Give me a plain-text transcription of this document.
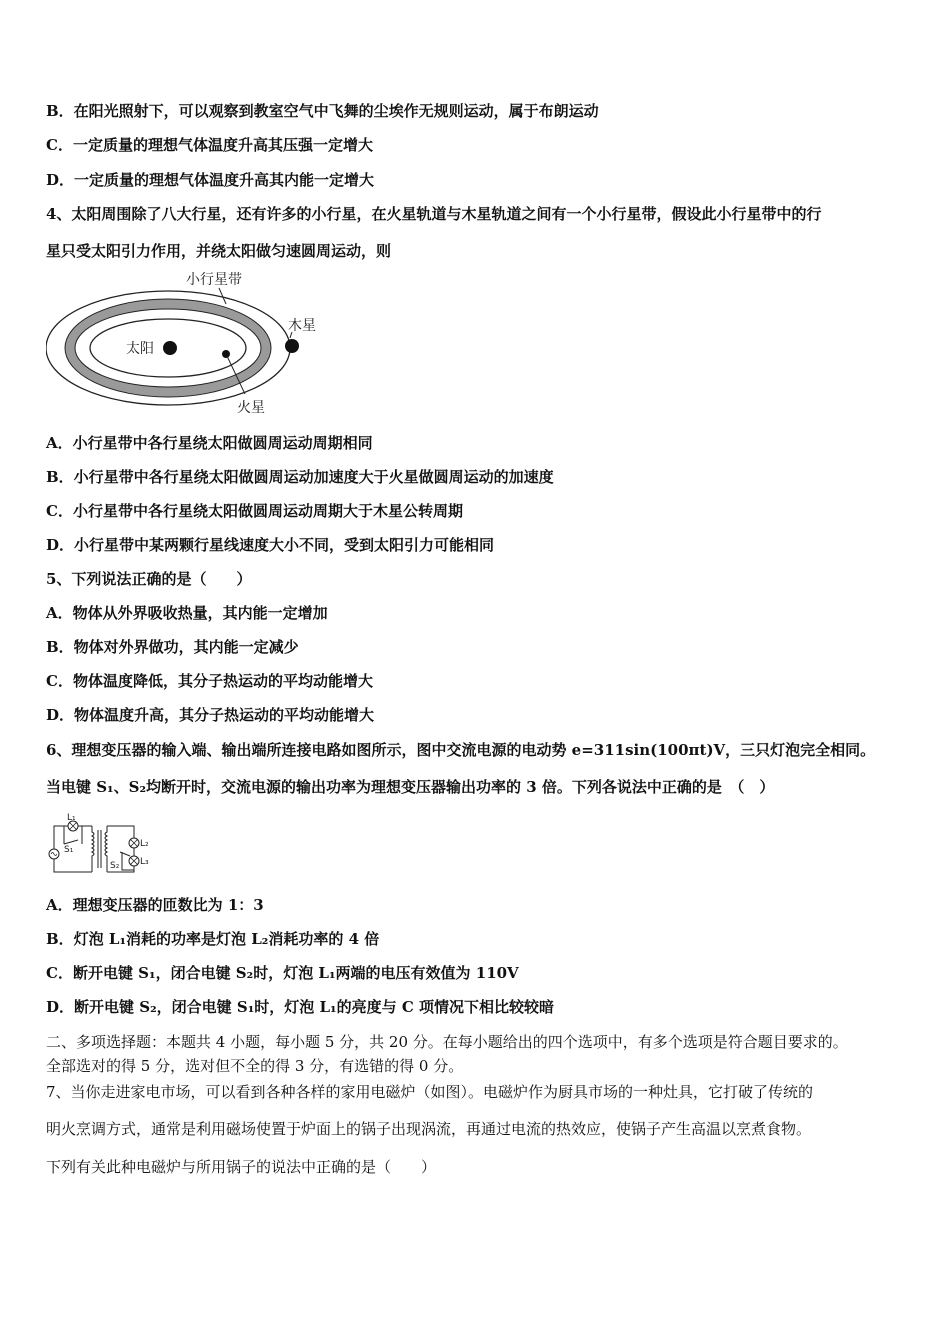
B．在阳光照射下，可以观察到教室空气中飞舞的尘埃作无规则运动，属于布朗运动
C．一定质量的理想气体温度升高其压强一定增大
D．一定质量的理想气体温度升高其内能一定增大
4、太阳周围除了八大行星，还有许多的小行星，在火星轨道与木星轨道之间有一个小行星带，假设此小行星带中的行
星只受太阳引力作用，并绕太阳做匀速圆周运动，则
小行星带
木星
太阳
火星
A．小行星带中各行星绕太阳做圆周运动周期相同
B．小行星带中各行星绕太阳做圆周运动加速度大于火星做圆周运动的加速度
C．小行星带中各行星绕太阳做圆周运动周期大于木星公转周期
D．小行星带中某两颗行星线速度大小不同，受到太阳引力可能相同
5、下列说法正确的是（　　）
A．物体从外界吸收热量，其内能一定增加
B．物体对外界做功，其内能一定减少
C．物体温度降低，其分子热运动的平均动能增大
D．物体温度升高，其分子热运动的平均动能增大
6、理想变压器的输入端、输出端所连接电路如图所示，图中交流电源的电动势 e=311sin(100πt)V，三只灯泡完全相同。
当电键 S₁、S₂均断开时，交流电源的输出功率为理想变压器输出功率的 3 倍。下列各说法中正确的是　（　）
L₁
S₁
L₂
L₃
S₂
A．理想变压器的匝数比为 1：3
B．灯泡 L₁消耗的功率是灯泡 L₂消耗功率的 4 倍
C．断开电键 S₁，闭合电键 S₂时，灯泡 L₁两端的电压有效值为 110V
D．断开电键 S₂，闭合电键 S₁时，灯泡 L₁的亮度与 C 项情况下相比较较暗
二、多项选择题：本题共 4 小题，每小题 5 分，共 20 分。在每小题给出的四个选项中，有多个选项是符合题目要求的。
全部选对的得 5 分，选对但不全的得 3 分，有选错的得 0 分。
7、当你走进家电市场，可以看到各种各样的家用电磁炉（如图）。电磁炉作为厨具市场的一种灶具，它打破了传统的
明火烹调方式，通常是利用磁场使置于炉面上的锅子出现涡流，再通过电流的热效应，使锅子产生高温以烹煮食物。
下列有关此种电磁炉与所用锅子的说法中正确的是（　　）
